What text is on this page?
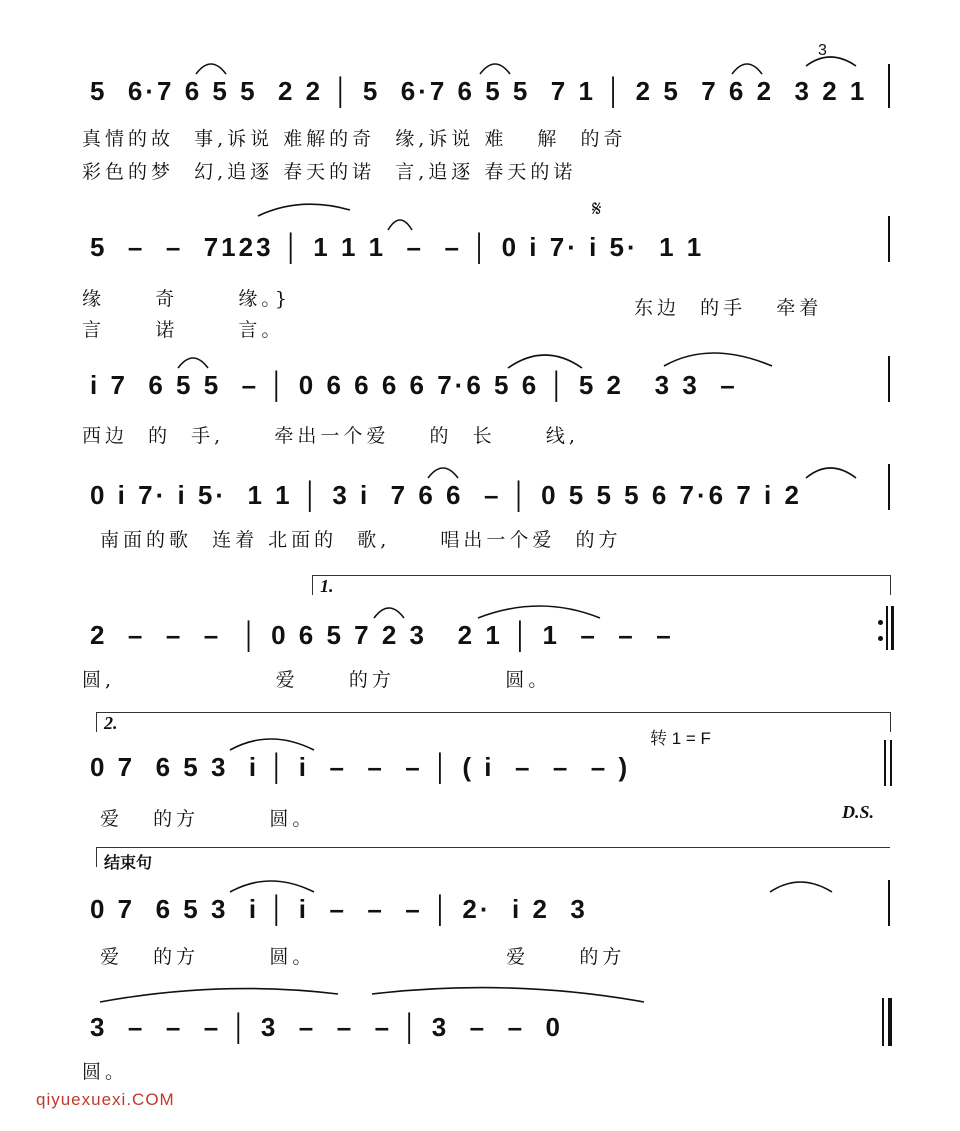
5  6·7 6 5 5  2 2 │ 5  6·7 6 5 5  7 1 │ 2 5  7 6 2  3 2 1
3
真情的故  事,诉说 难解的奇  缘,诉说 难   解  的奇
彩色的梦  幻,追逐 春天的诺  言,追逐 春天的诺
5  –  –  7123 │ 1 1 1  –  – │ 0 i 7· i 5·  1 1
𝄋
缘     奇      缘。}
言     诺      言。
东边  的手   牵着
i 7  6 5 5  – │ 0 6 6 6 6 7·6 5 6 │ 5 2   3 3  –
西边  的  手,     牵出一个爱    的  长     线,
0 i 7· i 5·  1 1 │ 3 i  7 6 6  – │ 0 5 5 5 6 7·6 7 i 2
南面的歌  连着 北面的  歌,     唱出一个爱  的方
1.
2  –  –  –  │ 0 6 5 7 2 3   2 1 │ 1  –  –  –
圆,                爱     的方           圆。
2.
转 1 = F
0 7  6 5 3  i │ i  –  –  – │ ( i  –  –  – )
爱   的方       圆。	D.S.
结束句
0 7  6 5 3  i │ i  –  –  – │ 2·  i 2  3
爱   的方       圆。                   爱     的方
3  –  –  – │ 3  –  –  – │ 3  –  –  0
圆。
qiyuexuexi.COM
